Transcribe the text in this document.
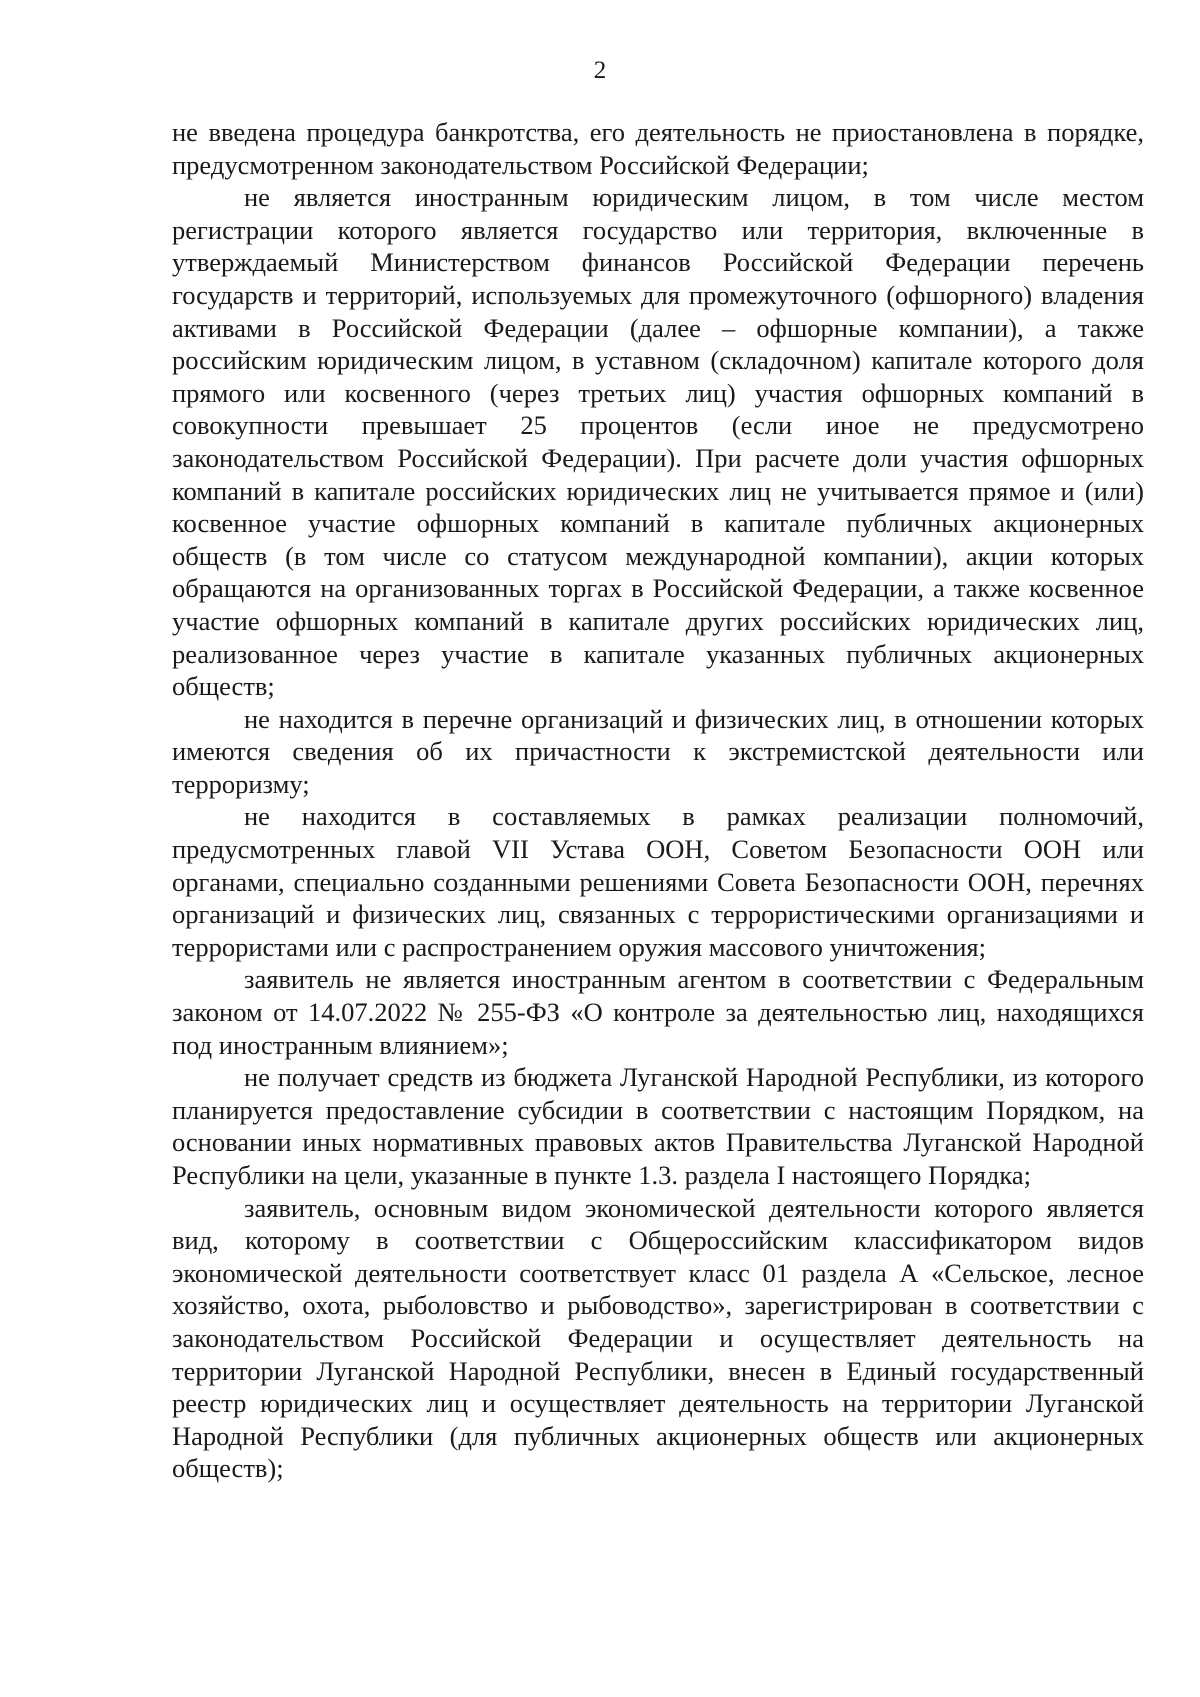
2

не введена процедура банкротства, его деятельность не приостановлена в порядке, предусмотренном законодательством Российской Федерации;

не является иностранным юридическим лицом, в том числе местом регистрации которого является государство или территория, включенные в утверждаемый Министерством финансов Российской Федерации перечень государств и территорий, используемых для промежуточного (офшорного) владения активами в Российской Федерации (далее – офшорные компании), а также российским юридическим лицом, в уставном (складочном) капитале которого доля прямого или косвенного (через третьих лиц) участия офшорных компаний в совокупности превышает 25 процентов (если иное не предусмотрено законодательством Российской Федерации). При расчете доли участия офшорных компаний в капитале российских юридических лиц не учитывается прямое и (или) косвенное участие офшорных компаний в капитале публичных акционерных обществ (в том числе со статусом международной компании), акции которых обращаются на организованных торгах в Российской Федерации, а также косвенное участие офшорных компаний в капитале других российских юридических лиц, реализованное через участие в капитале указанных публичных акционерных обществ;

не находится в перечне организаций и физических лиц, в отношении которых имеются сведения об их причастности к экстремистской деятельности или терроризму;

не находится в составляемых в рамках реализации полномочий, предусмотренных главой VII Устава ООН, Советом Безопасности ООН или органами, специально созданными решениями Совета Безопасности ООН, перечнях организаций и физических лиц, связанных с террористическими организациями и террористами или с распространением оружия массового уничтожения;

заявитель не является иностранным агентом в соответствии с Федеральным законом от 14.07.2022 № 255-ФЗ «О контроле за деятельностью лиц, находящихся под иностранным влиянием»;

не получает средств из бюджета Луганской Народной Республики, из которого планируется предоставление субсидии в соответствии с настоящим Порядком, на основании иных нормативных правовых актов Правительства Луганской Народной Республики на цели, указанные в пункте 1.3. раздела I настоящего Порядка;

заявитель, основным видом экономической деятельности которого является вид, которому в соответствии с Общероссийским классификатором видов экономической деятельности соответствует класс 01 раздела А «Сельское, лесное хозяйство, охота, рыболовство и рыбоводство», зарегистрирован в соответствии с законодательством Российской Федерации и осуществляет деятельность на территории Луганской Народной Республики, внесен в Единый государственный реестр юридических лиц и осуществляет деятельность на территории Луганской Народной Республики (для публичных акционерных обществ или акционерных обществ);
